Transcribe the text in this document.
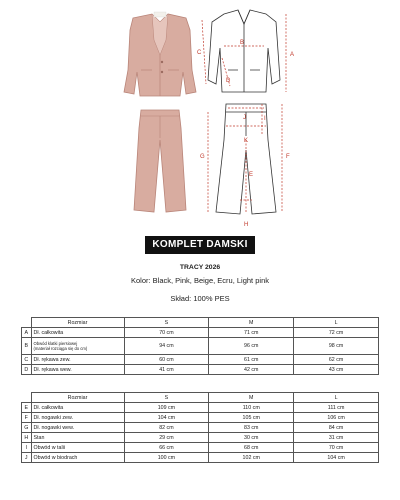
A
B
C
D
F
G
E
I
J
K
H
KOMPLET DAMSKI
TRACY 2026
Kolor: Black, Pink, Beige, Ecru, Light pink
Skład: 100% PES
	Rozmiar	S	M	L
A	Dł. całkowita	70 cm	71 cm	72 cm
B	Obwód klatki piersiowej
(materiał rozciąga się do cm)	94 cm	96 cm	98 cm
C	Dł. rękawa zew.	60 cm	61 cm	62 cm
D	Dł. rękawa wew.	41 cm	42 cm	43 cm
	Rozmiar	S	M	L
E	Dł. całkowita	109 cm	110 cm	111 cm
F	Dł. nogawki zew.	104 cm	105 cm	106 cm
G	Dł. nogawki wew.	82 cm	83 cm	84 cm
H	Stan	29 cm	30 cm	31 cm
I	Obwód w talii	66 cm	68 cm	70 cm
J	Obwód w biodrach	100 cm	102 cm	104 cm
